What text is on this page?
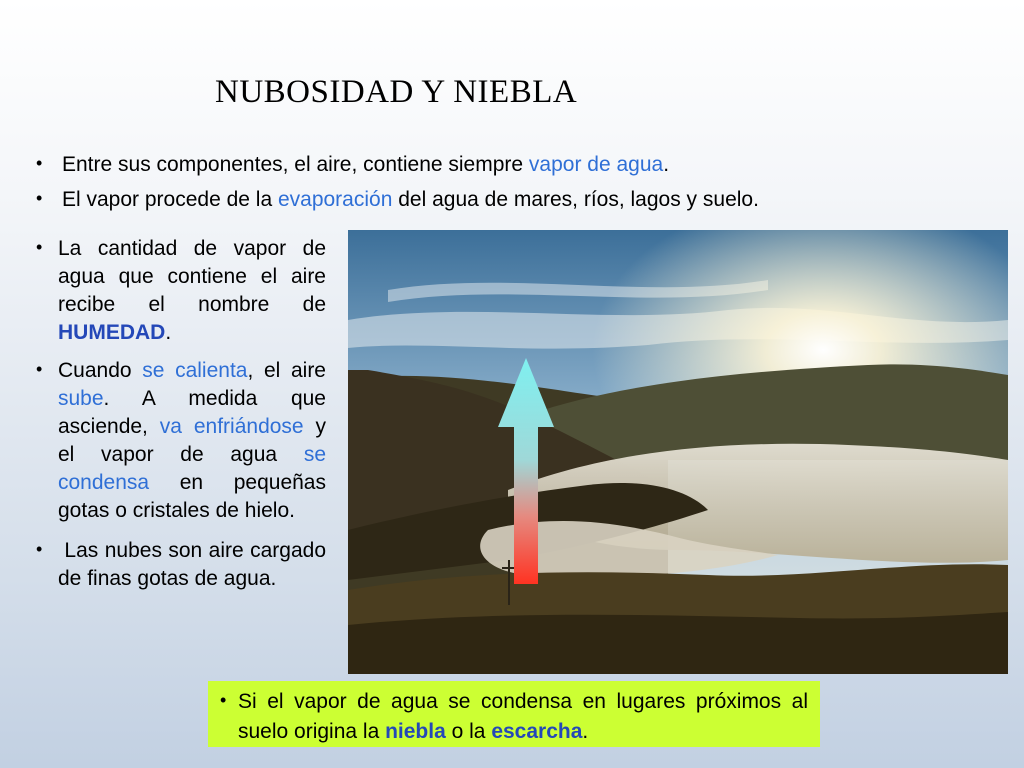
NUBOSIDAD Y NIEBLA
• Entre sus componentes, el aire, contiene siempre vapor de agua.
• El vapor procede de la evaporación del agua de mares, ríos, lagos y suelo.
• La cantidad de vapor de agua que contiene el aire recibe el nombre de HUMEDAD.
• Cuando se calienta, el aire sube. A medida que asciende, va enfriándose y el vapor de agua se condensa en pequeñas gotas o cristales de hielo.
• Las nubes son aire cargado de finas gotas de agua.
• Si el vapor de agua se condensa en lugares próximos al suelo origina la niebla o la escarcha.
